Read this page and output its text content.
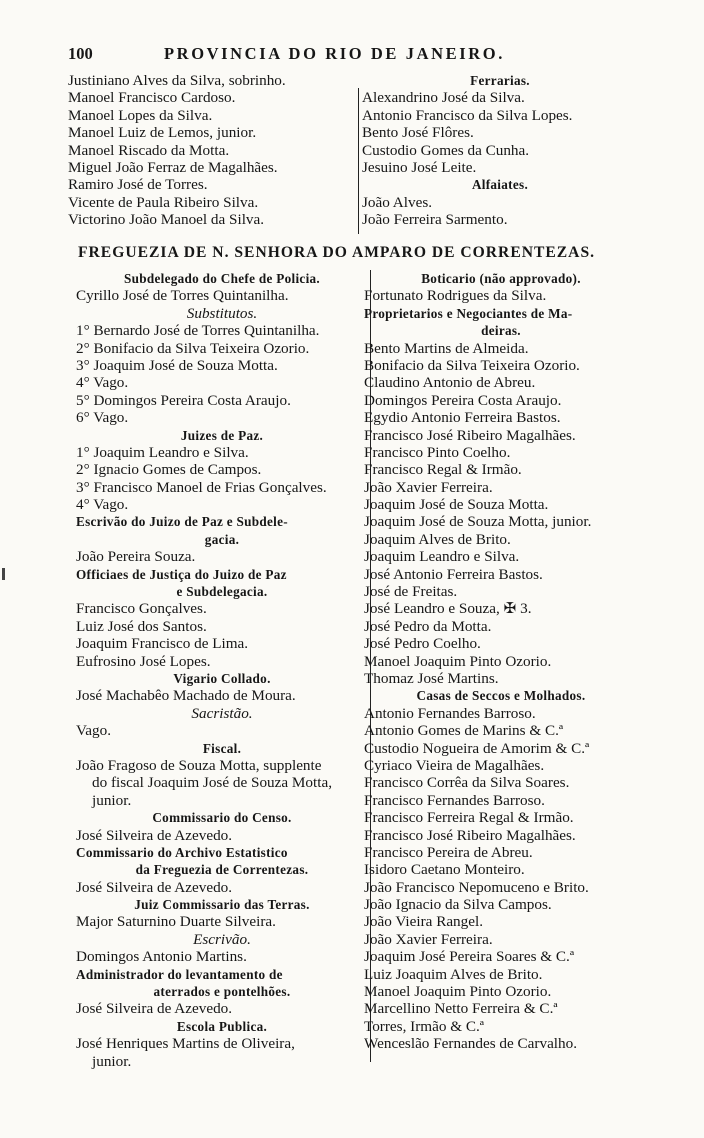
100	PROVINCIA DO RIO DE JANEIRO.
Justiniano Alves da Silva, sobrinho.
Manoel Francisco Cardoso.
Manoel Lopes da Silva.
Manoel Luiz de Lemos, junior.
Manoel Riscado da Motta.
Miguel João Ferraz de Magalhães.
Ramiro José de Torres.
Vicente de Paula Ribeiro Silva.
Victorino João Manoel da Silva.
Ferrarias.
Alexandrino José da Silva.
Antonio Francisco da Silva Lopes.
Bento José Flôres.
Custodio Gomes da Cunha.
Jesuino José Leite.
Alfaiates.
João Alves.
João Ferreira Sarmento.
FREGUEZIA DE N. SENHORA DO AMPARO DE CORRENTEZAS.
Subdelegado do Chefe de Policia.
Cyrillo José de Torres Quintanilha.
Substitutos.
1° Bernardo José de Torres Quintanilha.
2° Bonifacio da Silva Teixeira Ozorio.
3° Joaquim José de Souza Motta.
4° Vago.
5° Domingos Pereira Costa Araujo.
6° Vago.
Juizes de Paz.
1° Joaquim Leandro e Silva.
2° Ignacio Gomes de Campos.
3° Francisco Manoel de Frias Gonçalves.
4° Vago.
Escrivão do Juizo de Paz e Subdele-
gacia.
João Pereira Souza.
Officiaes de Justiça do Juizo de Paz
e Subdelegacia.
Francisco Gonçalves.
Luiz José dos Santos.
Joaquim Francisco de Lima.
Eufrosino José Lopes.
Vigario Collado.
José Machabêo Machado de Moura.
Sacristão.
Vago.
Fiscal.
João Fragoso de Souza Motta, supplente
do fiscal Joaquim José de Souza Motta,
junior.
Commissario do Censo.
José Silveira de Azevedo.
Commissario do Archivo Estatistico
da Freguezia de Correntezas.
José Silveira de Azevedo.
Juiz Commissario das Terras.
Major Saturnino Duarte Silveira.
Escrivão.
Domingos Antonio Martins.
Administrador do levantamento de
aterrados e pontelhões.
José Silveira de Azevedo.
Escola Publica.
José Henriques Martins de Oliveira,
junior.
Boticario (não approvado).
Fortunato Rodrigues da Silva.
Proprietarios e Negociantes de Ma-
deiras.
Bento Martins de Almeida.
Bonifacio da Silva Teixeira Ozorio.
Claudino Antonio de Abreu.
Domingos Pereira Costa Araujo.
Egydio Antonio Ferreira Bastos.
Francisco José Ribeiro Magalhães.
Francisco Pinto Coelho.
Francisco Regal & Irmão.
João Xavier Ferreira.
Joaquim José de Souza Motta.
Joaquim José de Souza Motta, junior.
Joaquim Alves de Brito.
Joaquim Leandro e Silva.
José Antonio Ferreira Bastos.
José de Freitas.
José Leandro e Souza, ✠ 3.
José Pedro da Motta.
José Pedro Coelho.
Manoel Joaquim Pinto Ozorio.
Thomaz José Martins.
Casas de Seccos e Molhados.
Antonio Fernandes Barroso.
Antonio Gomes de Marins & C.ª
Custodio Nogueira de Amorim & C.ª
Cyriaco Vieira de Magalhães.
Francisco Corrêa da Silva Soares.
Francisco Fernandes Barroso.
Francisco Ferreira Regal & Irmão.
Francisco José Ribeiro Magalhães.
Francisco Pereira de Abreu.
Isidoro Caetano Monteiro.
João Francisco Nepomuceno e Brito.
João Ignacio da Silva Campos.
João Vieira Rangel.
João Xavier Ferreira.
Joaquim José Pereira Soares & C.ª
Luiz Joaquim Alves de Brito.
Manoel Joaquim Pinto Ozorio.
Marcellino Netto Ferreira & C.ª
Torres, Irmão & C.ª
Wenceslão Fernandes de Carvalho.
